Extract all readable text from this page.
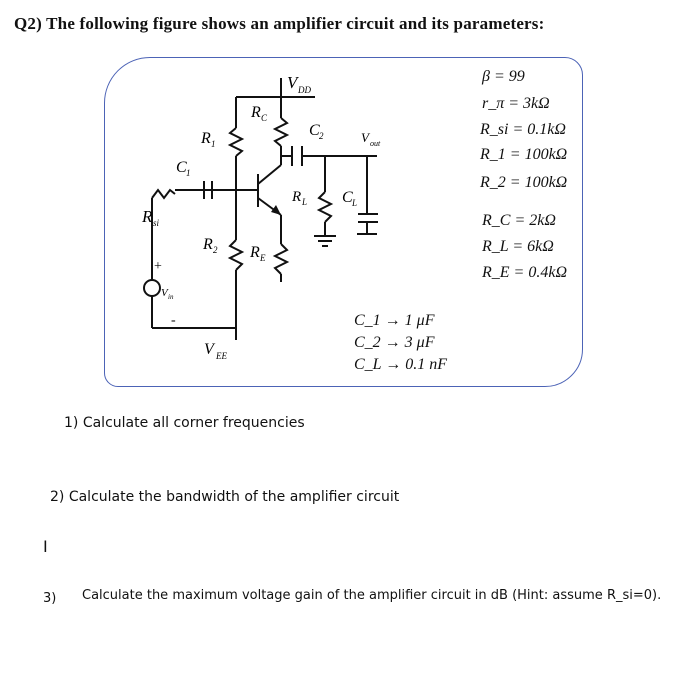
Q2) The following figure shows an amplifier circuit and its parameters:
V DD
R C
R 1
C 2	V out
C 1
R si
R L C L
R 2 R E
+
V in
-
V EE
β = 99
r_π = 3kΩ
R_si = 0.1kΩ
R_1 = 100kΩ
R_2 = 100kΩ
R_C = 2kΩ
R_L = 6kΩ
R_E = 0.4kΩ
C_1 → 1 μF
C_2 → 3 μF
C_L → 0.1 nF
1) Calculate all corner frequencies
2) Calculate the bandwidth of the amplifier circuit
I
3) Calculate the maximum voltage gain of the amplifier circuit in dB (Hint: assume R_si=0).
